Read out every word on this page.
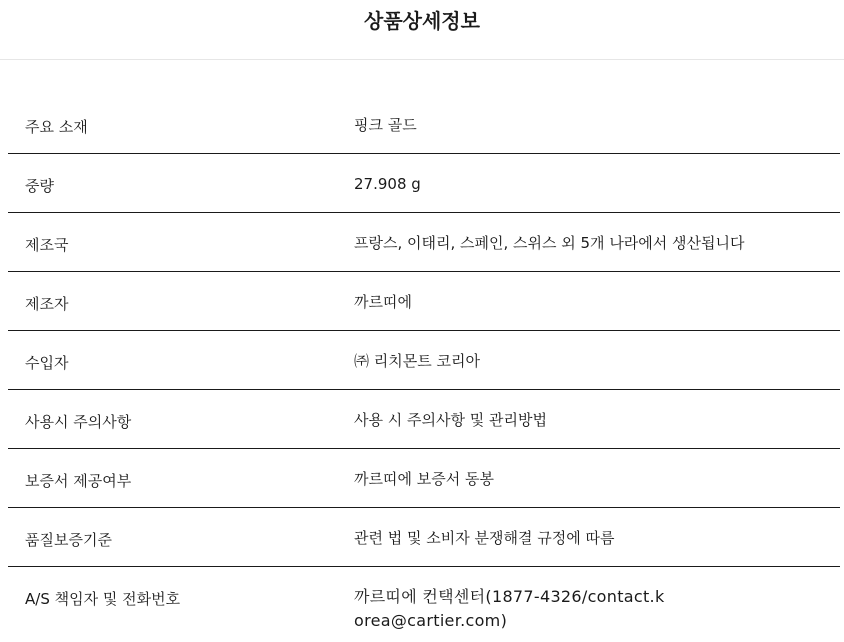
상품상세정보
주요 소재	핑크 골드
중량	27.908 g
제조국	프랑스, 이태리, 스페인, 스위스 외 5개 나라에서 생산됩니다
제조자	까르띠에
수입자	㈜ 리치몬트 코리아
사용시 주의사항	사용 시 주의사항 및 관리방법
보증서 제공여부	까르띠에 보증서 동봉
품질보증기준	관련 법 및 소비자 분쟁해결 규정에 따름
A/S 책임자 및 전화번호	까르띠에 컨택센터(1877-4326/contact.korea@cartier.com)
